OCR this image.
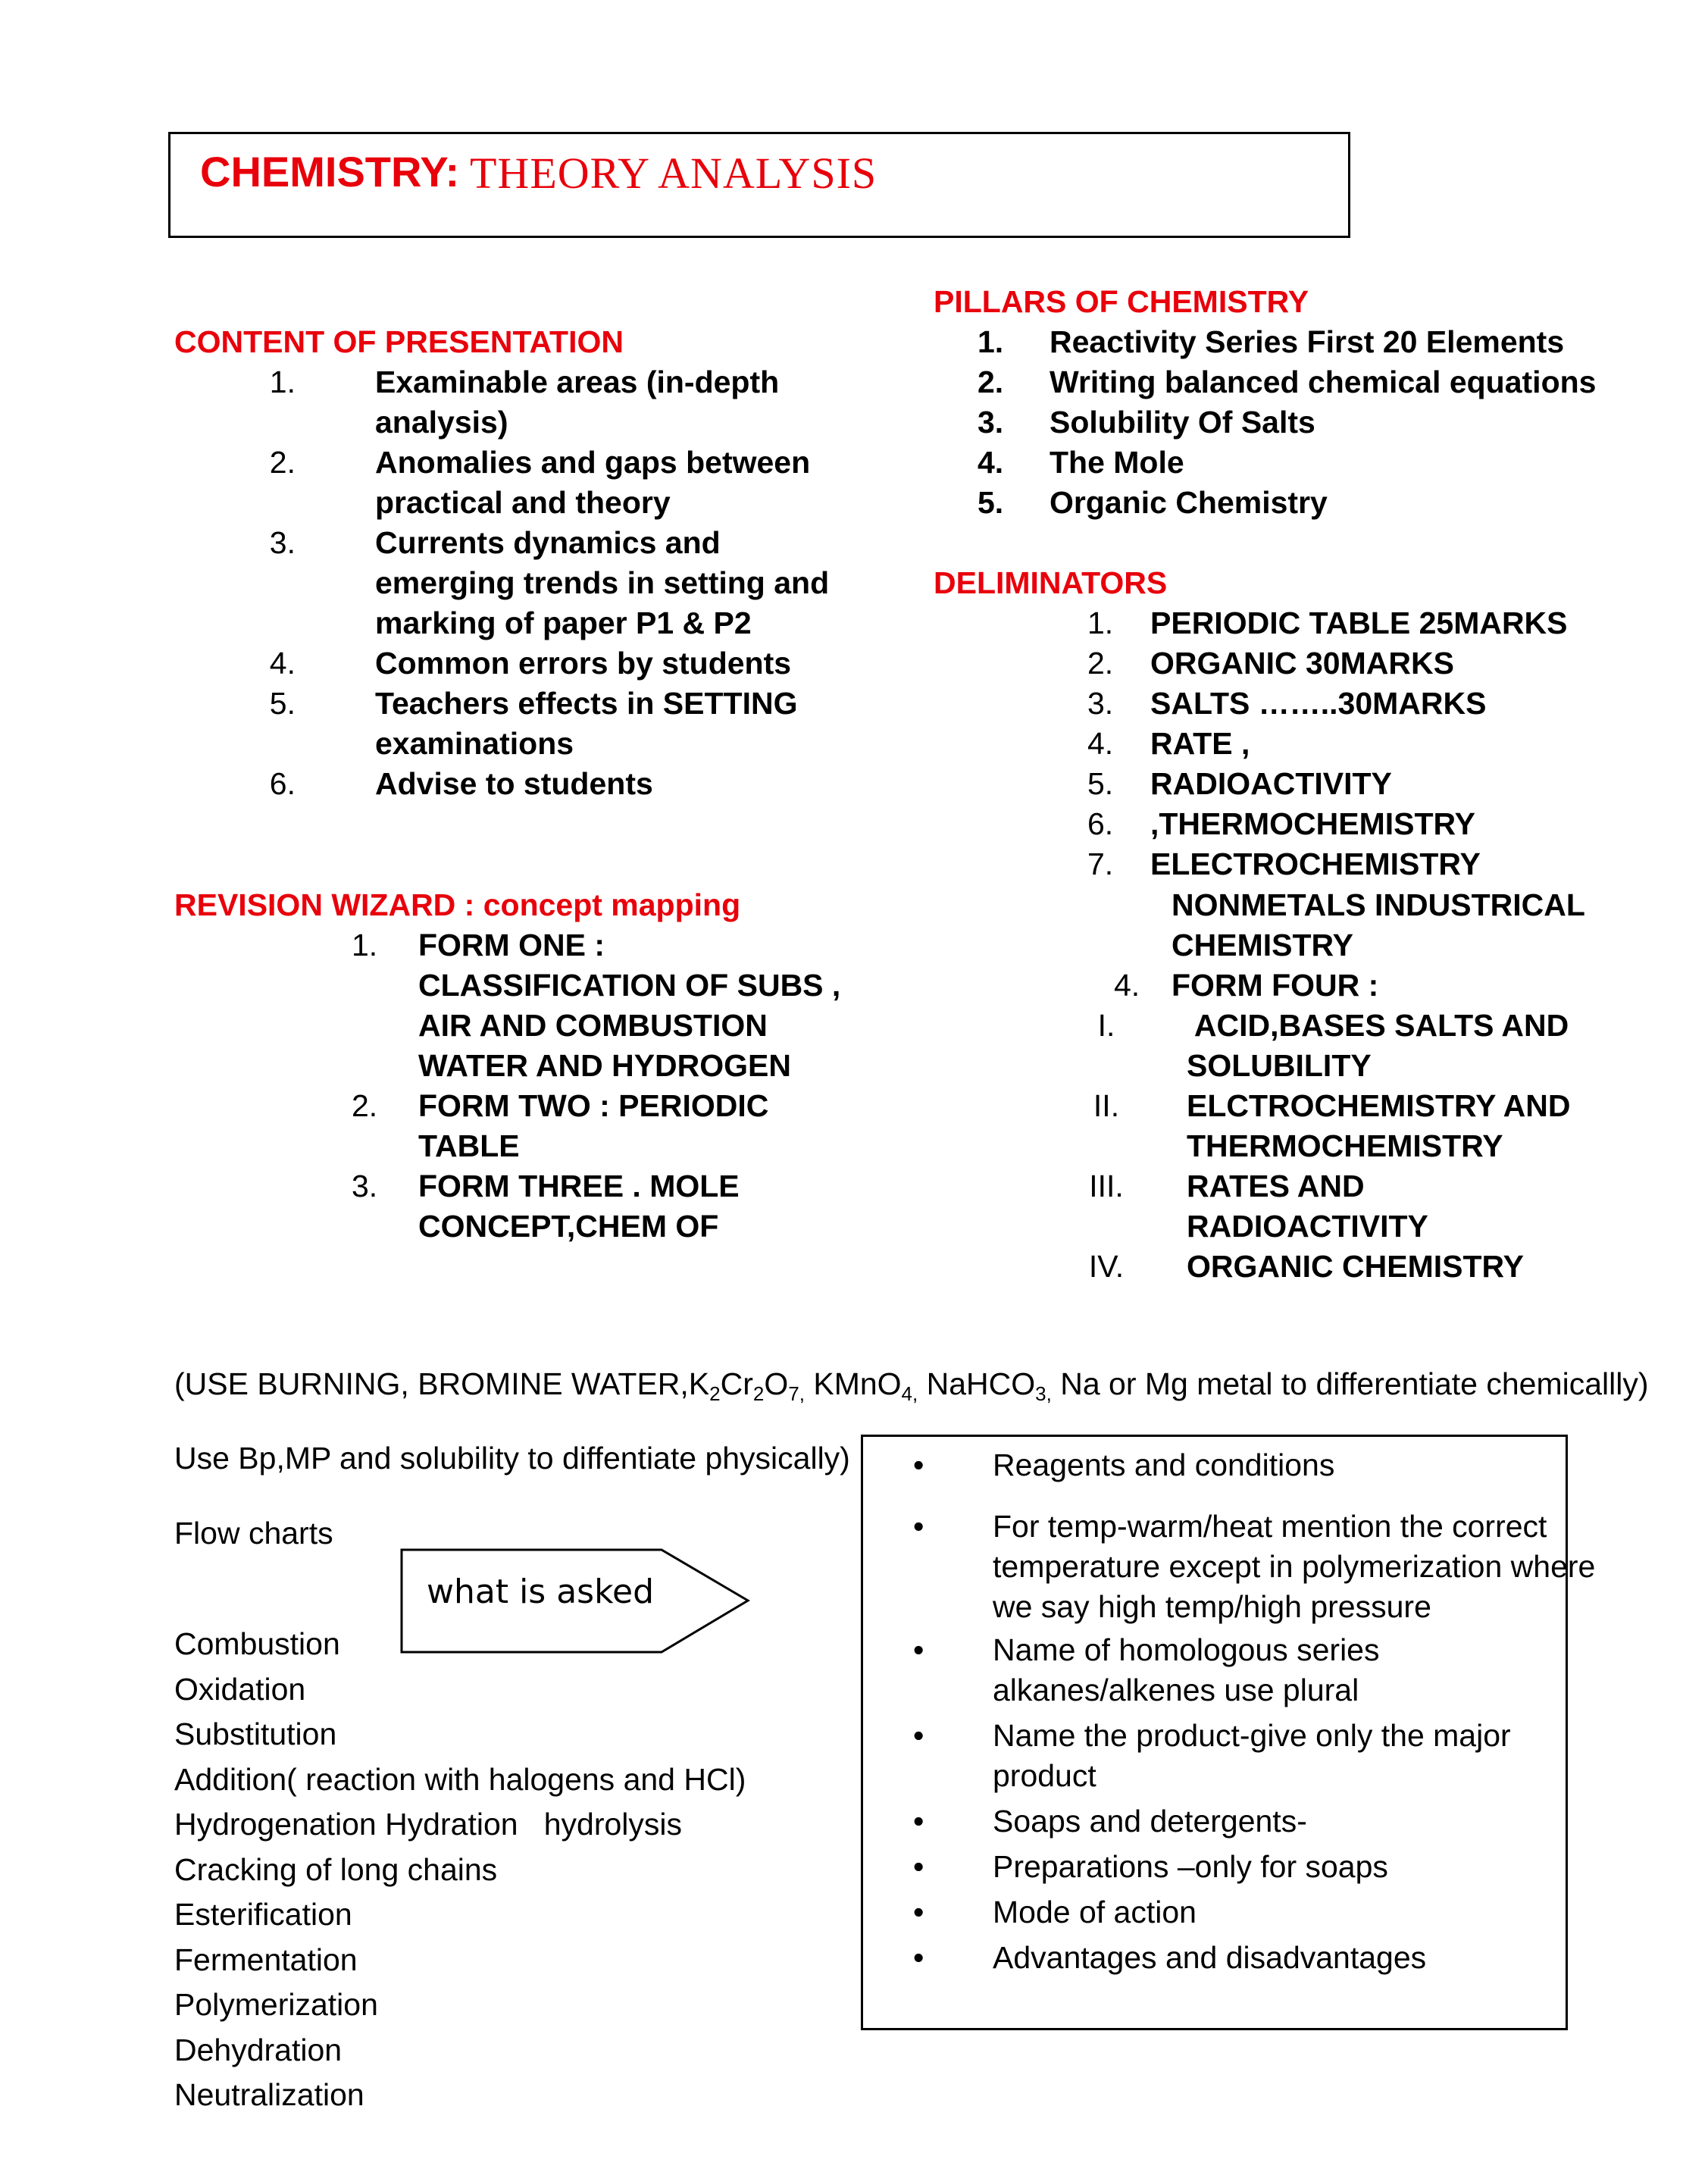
CHEMISTRY: THEORY ANALYSIS
CONTENT OF PRESENTATION
1.	Examinable areas (in-depth
analysis)
2.	Anomalies and gaps between
practical and theory
3.	Currents dynamics and
emerging trends in setting and
marking of paper P1 & P2
4.	Common errors by students
5.	Teachers effects in SETTING
examinations
6.	Advise to students
PILLARS OF CHEMISTRY
1.	Reactivity Series First 20 Elements
2.	Writing balanced chemical equations
3.	Solubility Of Salts
4.	The Mole
5.	Organic Chemistry
DELIMINATORS
1. PERIODIC TABLE 25MARKS
2. ORGANIC 30MARKS
3. SALTS ……..30MARKS
4. RATE ,
5. RADIOACTIVITY
6. ,THERMOCHEMISTRY
7. ELECTROCHEMISTRY
REVISION WIZARD : concept mapping
1. FORM ONE :
CLASSIFICATION OF SUBS ,
AIR AND COMBUSTION
WATER AND HYDROGEN
2. FORM TWO : PERIODIC
TABLE
3. FORM THREE . MOLE
CONCEPT,CHEM OF
NONMETALS INDUSTRICAL
CHEMISTRY
4. FORM FOUR :
I.	ACID,BASES SALTS AND
SOLUBILITY
II.	ELCTROCHEMISTRY AND
THERMOCHEMISTRY
III.	RATES AND
RADIOACTIVITY
IV.	ORGANIC CHEMISTRY
(USE BURNING, BROMINE $WATER,K_2Cr_2O_{7,}$ KMnO$_{4,}$ NaHCO$_{3,}$ Na or Mg metal to differentiate chemicallly)
Use Bp,MP and solubility to diffentiate physically)
Flow charts
what is asked
Combustion
Oxidation
Substitution
Addition( reaction with halogens and HCl)
Hydrogenation Hydration   hydrolysis
Cracking of long chains
Esterification
Fermentation
Polymerization
Dehydration
Neutralization
• Reagents and conditions
• For temp-warm/heat mention the correct
temperature except in polymerization where
we say high temp/high pressure
• Name of homologous series
alkanes/alkenes use plural
• Name the product-give only the major
product
• Soaps and detergents-
• Preparations –only for soaps
• Mode of action
• Advantages and disadvantages
